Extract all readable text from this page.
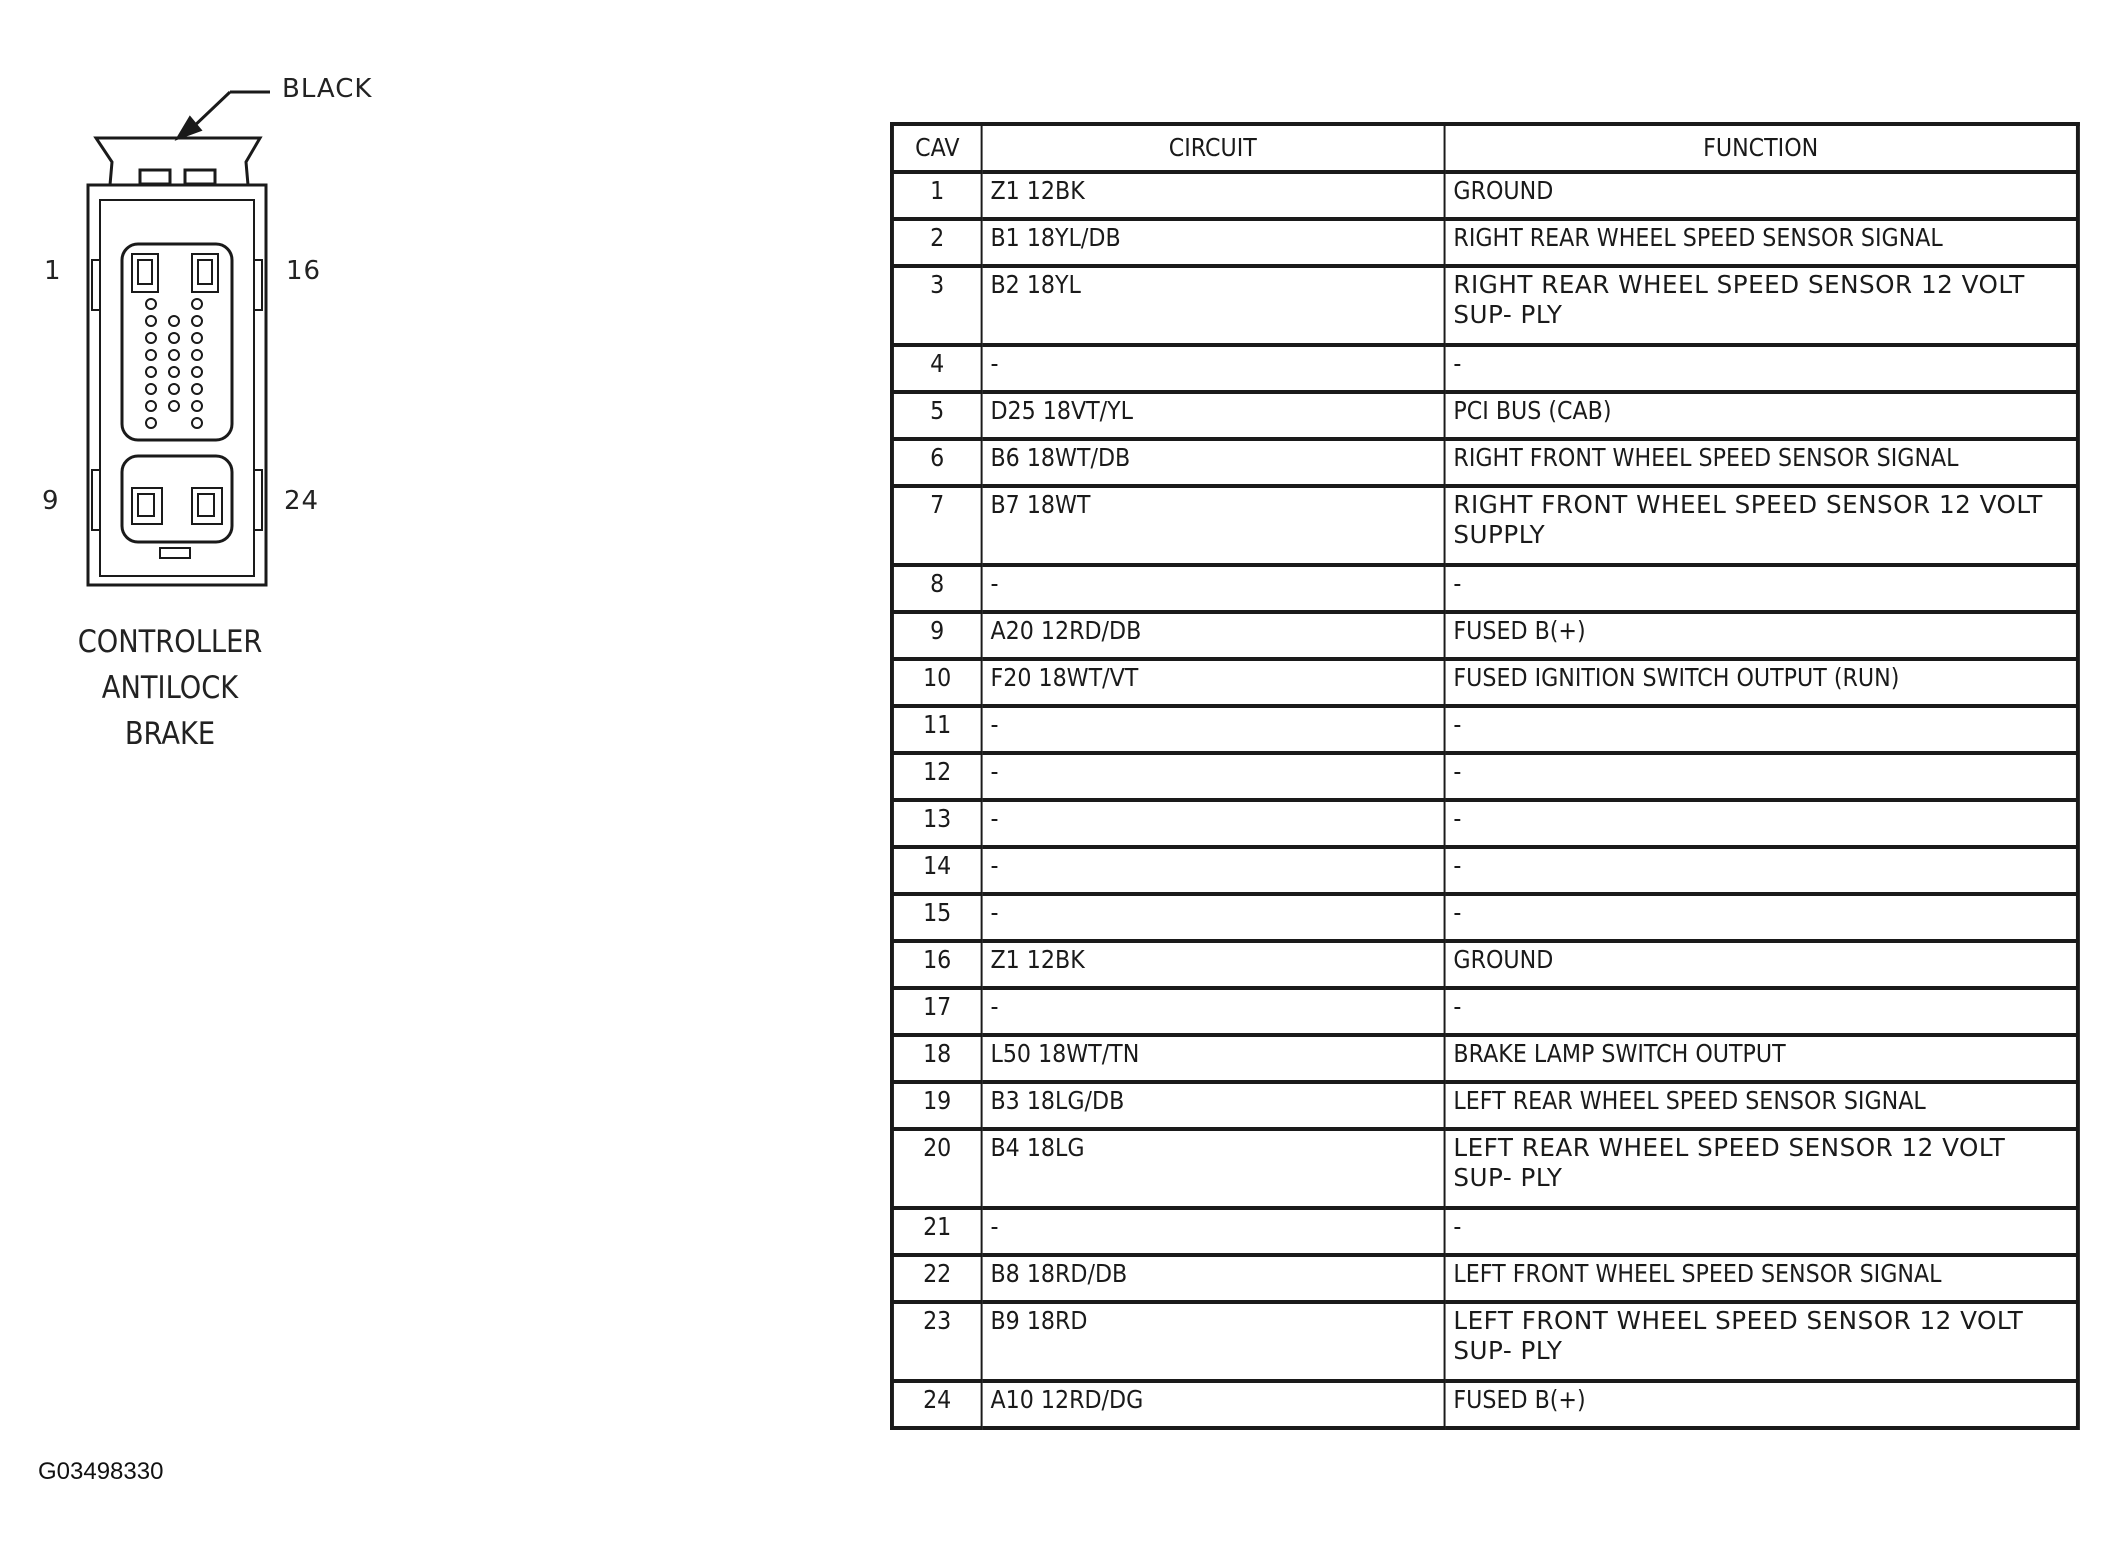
BLACK
1	16
9	24
CONTROLLER
ANTILOCK
BRAKE
G03498330
CAV	CIRCUIT	FUNCTION
1	Z1 12BK	GROUND
2	B1 18YL/DB	RIGHT REAR WHEEL SPEED SENSOR SIGNAL
3	B2 18YL	RIGHT REAR WHEEL SPEED SENSOR 12 VOLT SUP- PLY

4	-	-
5	D25 18VT/YL	PCI BUS (CAB)
6	B6 18WT/DB	RIGHT FRONT WHEEL SPEED SENSOR SIGNAL
7	B7 18WT	RIGHT FRONT WHEEL SPEED SENSOR 12 VOLT SUPPLY

8	-	-
9	A20 12RD/DB	FUSED B(+)
10	F20 18WT/VT	FUSED IGNITION SWITCH OUTPUT (RUN)
11	-	-
12	-	-
13	-	-
14	-	-
15	-	-
16	Z1 12BK	GROUND
17	-	-
18	L50 18WT/TN	BRAKE LAMP SWITCH OUTPUT
19	B3 18LG/DB	LEFT REAR WHEEL SPEED SENSOR SIGNAL
20	B4 18LG	LEFT REAR WHEEL SPEED SENSOR 12 VOLT SUP- PLY

21	-	-
22	B8 18RD/DB	LEFT FRONT WHEEL SPEED SENSOR SIGNAL
23	B9 18RD	LEFT FRONT WHEEL SPEED SENSOR 12 VOLT SUP- PLY

24	A10 12RD/DG	FUSED B(+)
